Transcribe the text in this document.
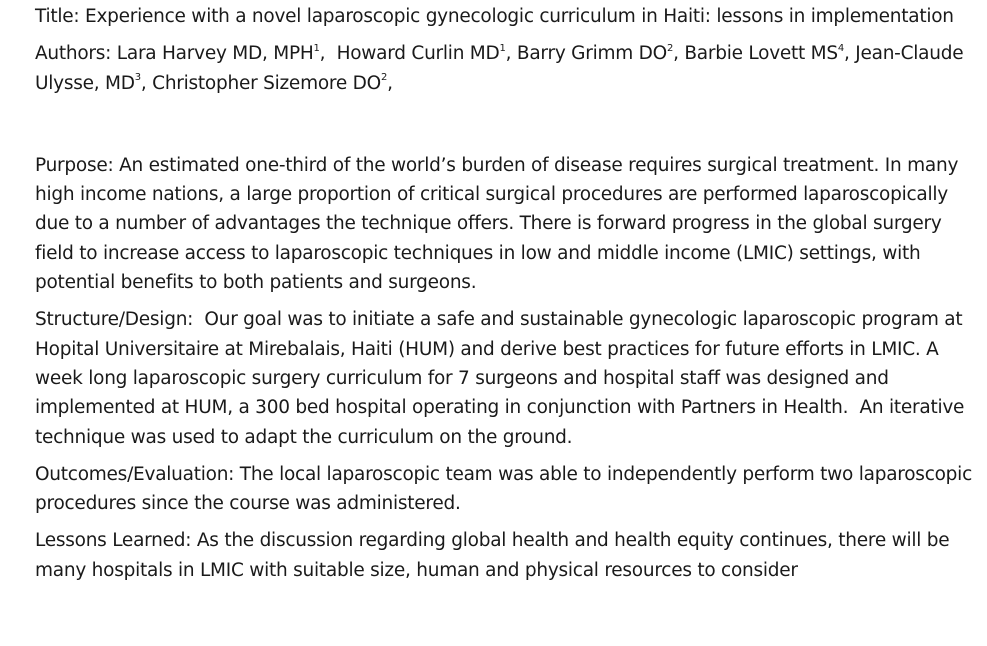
Title: Experience with a novel laparoscopic gynecologic curriculum in Haiti: lessons in implementation

Authors: Lara Harvey MD, MPH$^1$,  Howard Curlin $MD^1$, Barry Grimm $DO^2$, Barbie Lovett $MS^4$, Jean-Claude Ulysse, $MD^3$, Christopher Sizemore $DO^2$,

Purpose: An estimated one-third of the world’s burden of disease requires surgical treatment. In many high income nations, a large proportion of critical surgical procedures are performed laparoscopically due to a number of advantages the technique offers. There is forward progress in the global surgery field to increase access to laparoscopic techniques in low and middle income (LMIC) settings, with potential benefits to both patients and surgeons.

Structure/Design:  Our goal was to initiate a safe and sustainable gynecologic laparoscopic program at Hopital Universitaire at Mirebalais, Haiti (HUM) and derive best practices for future efforts in LMIC. A week long laparoscopic surgery curriculum for 7 surgeons and hospital staff was designed and implemented at HUM, a 300 bed hospital operating in conjunction with Partners in Health.  An iterative technique was used to adapt the curriculum on the ground.

Outcomes/Evaluation: The local laparoscopic team was able to independently perform two laparoscopic procedures since the course was administered.

Lessons Learned: As the discussion regarding global health and health equity continues, there will be many hospitals in LMIC with suitable size, human and physical resources to consider
